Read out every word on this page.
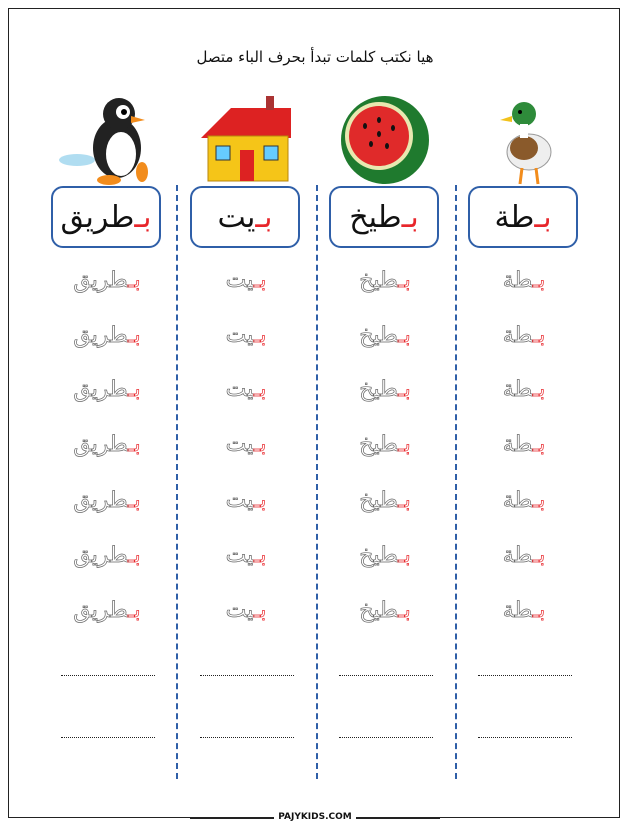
هيا نكتب كلمات تبدأ بحرف الباء متصل
بـ
طريق
بـطريق
بـطريق
بـطريق
بـطريق
بـطريق
بـطريق
بـطريق
بـ
يت
بـيت
بـيت
بـيت
بـيت
بـيت
بـيت
بـيت
بـ
طيخ
بـطيخ
بـطيخ
بـطيخ
بـطيخ
بـطيخ
بـطيخ
بـطيخ
بـ
طة
بـطة
بـطة
بـطة
بـطة
بـطة
بـطة
بـطة
PAJYKIDS.COM
